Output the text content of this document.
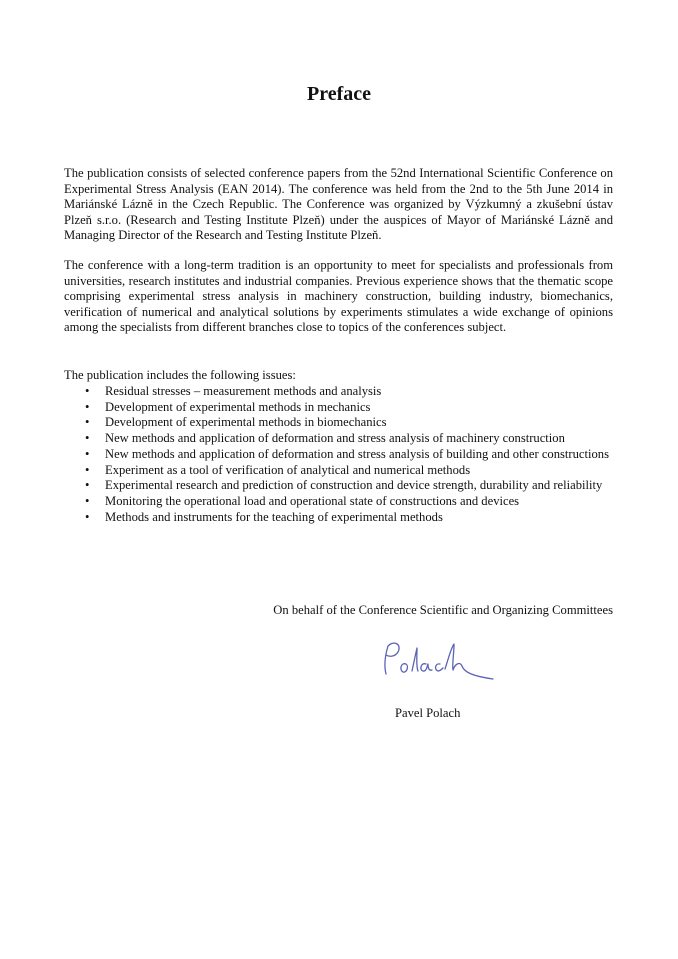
Preface
The publication consists of selected conference papers from the 52nd International Scientific Conference on Experimental Stress Analysis (EAN 2014). The conference was held from the 2nd to the 5th June 2014 in Mariánské Lázně in the Czech Republic. The Conference was organized by Výzkumný a zkušební ústav Plzeň s.r.o. (Research and Testing Institute Plzeň) under the auspices of Mayor of Mariánské Lázně and Managing Director of the Research and Testing Institute Plzeň.
The conference with a long-term tradition is an opportunity to meet for specialists and professionals from universities, research institutes and industrial companies. Previous experience shows that the thematic scope comprising experimental stress analysis in machinery construction, building industry, biomechanics, verification of numerical and analytical solutions by experiments stimulates a wide exchange of opinions among the specialists from different branches close to topics of the conferences subject.
The publication includes the following issues:
• Residual stresses – measurement methods and analysis
• Development of experimental methods in mechanics
• Development of experimental methods in biomechanics
• New methods and application of deformation and stress analysis of machinery construction
• New methods and application of deformation and stress analysis of building and other constructions
• Experiment as a tool of verification of analytical and numerical methods
• Experimental research and prediction of construction and device strength, durability and reliability
• Monitoring the operational load and operational state of constructions and devices
• Methods and instruments for the teaching of experimental methods
On behalf of the Conference Scientific and Organizing Committees
Pavel Polach
